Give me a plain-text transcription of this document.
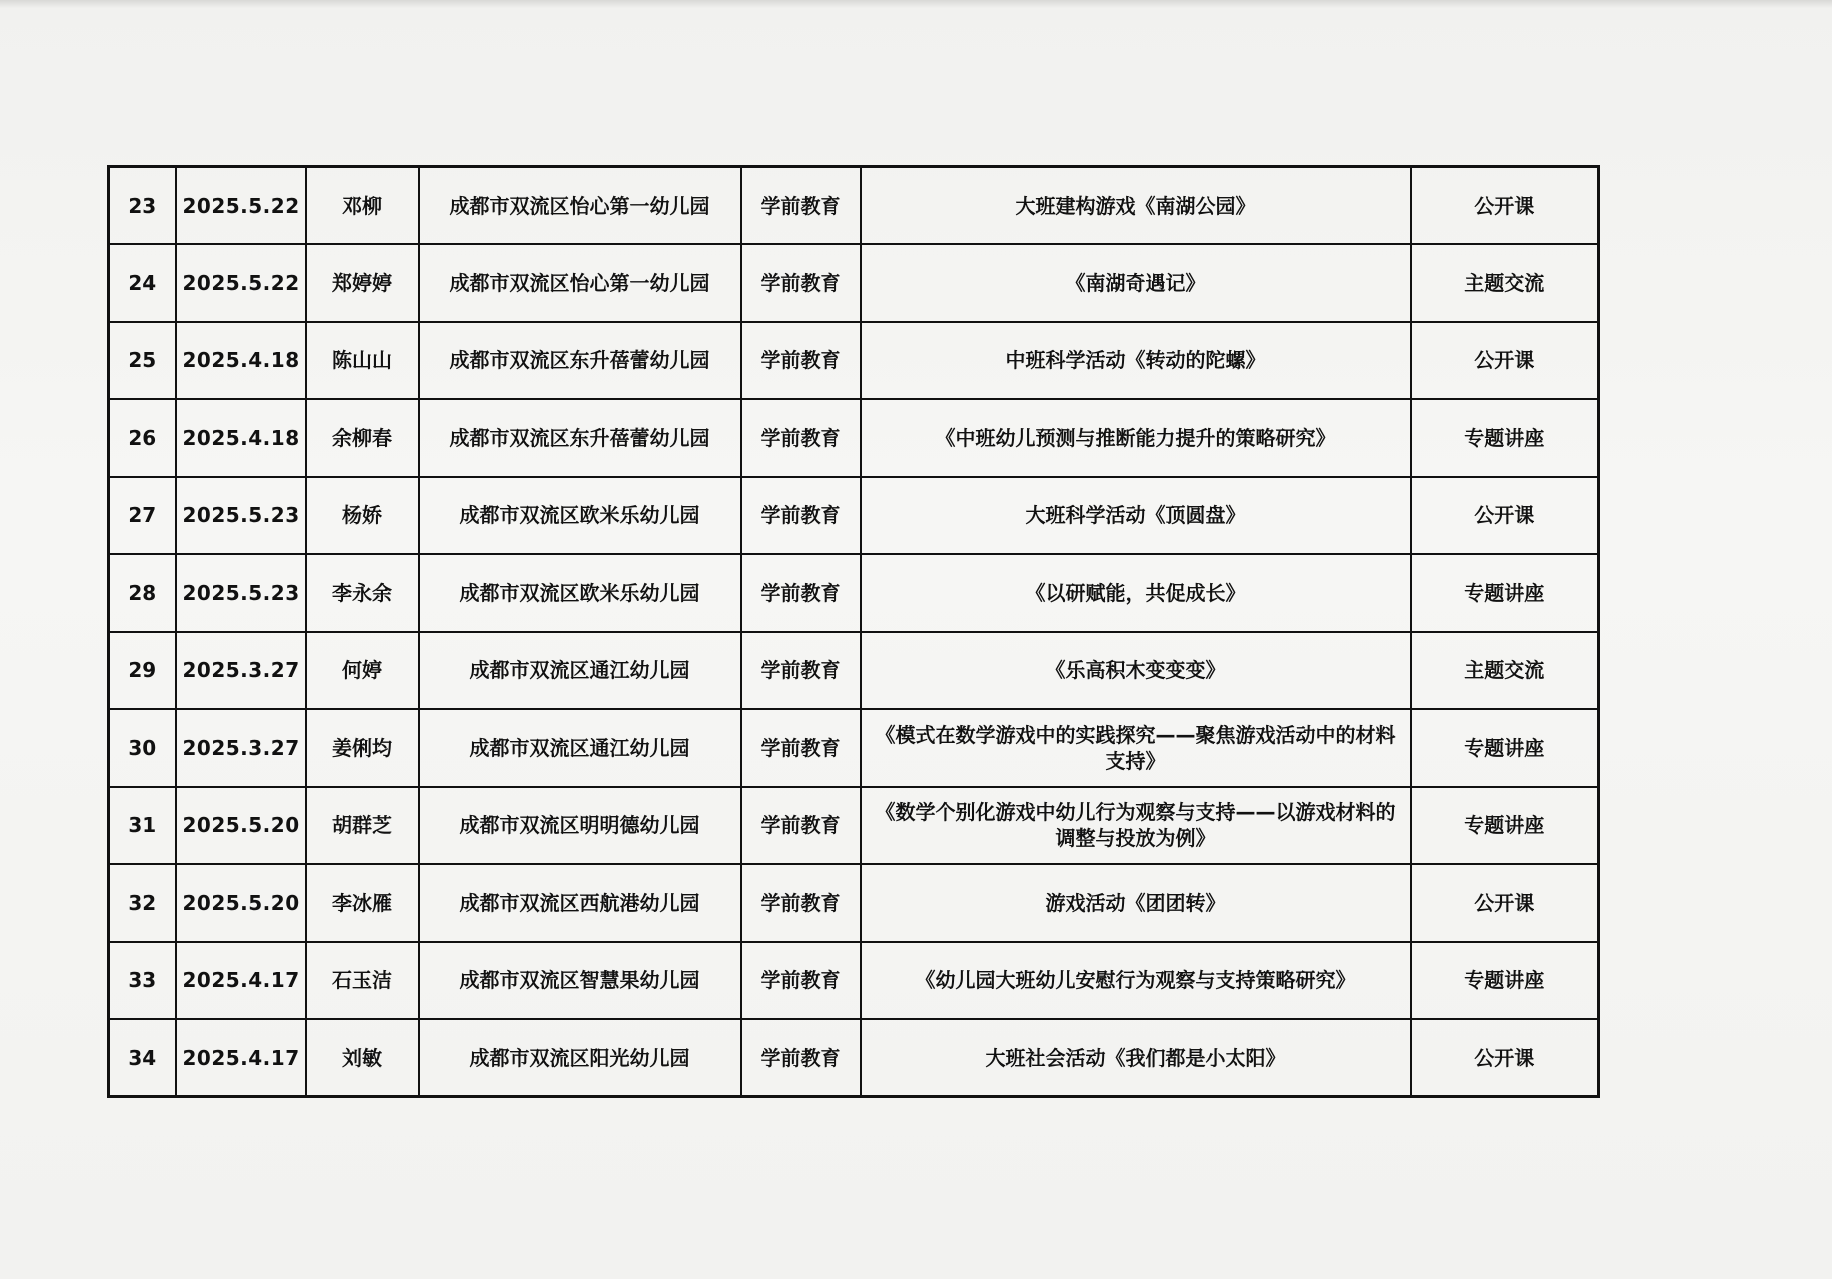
23	2025.5.22	邓柳	成都市双流区怡心第一幼儿园	学前教育	大班建构游戏《南湖公园》	公开课
24	2025.5.22	郑婷婷	成都市双流区怡心第一幼儿园	学前教育	《南湖奇遇记》	主题交流
25	2025.4.18	陈山山	成都市双流区东升蓓蕾幼儿园	学前教育	中班科学活动《转动的陀螺》	公开课
26	2025.4.18	余柳春	成都市双流区东升蓓蕾幼儿园	学前教育	《中班幼儿预测与推断能力提升的策略研究》	专题讲座
27	2025.5.23	杨娇	成都市双流区欧米乐幼儿园	学前教育	大班科学活动《顶圆盘》	公开课
28	2025.5.23	李永余	成都市双流区欧米乐幼儿园	学前教育	《以研赋能，共促成长》	专题讲座
29	2025.3.27	何婷	成都市双流区通江幼儿园	学前教育	《乐高积木变变变》	主题交流
30	2025.3.27	姜俐均	成都市双流区通江幼儿园	学前教育	《模式在数学游戏中的实践探究——聚焦游戏活动中的材料支持》	专题讲座
31	2025.5.20	胡群芝	成都市双流区明明德幼儿园	学前教育	《数学个别化游戏中幼儿行为观察与支持——以游戏材料的调整与投放为例》	专题讲座
32	2025.5.20	李冰雁	成都市双流区西航港幼儿园	学前教育	游戏活动《团团转》	公开课
33	2025.4.17	石玉洁	成都市双流区智慧果幼儿园	学前教育	《幼儿园大班幼儿安慰行为观察与支持策略研究》	专题讲座
34	2025.4.17	刘敏	成都市双流区阳光幼儿园	学前教育	大班社会活动《我们都是小太阳》	公开课
